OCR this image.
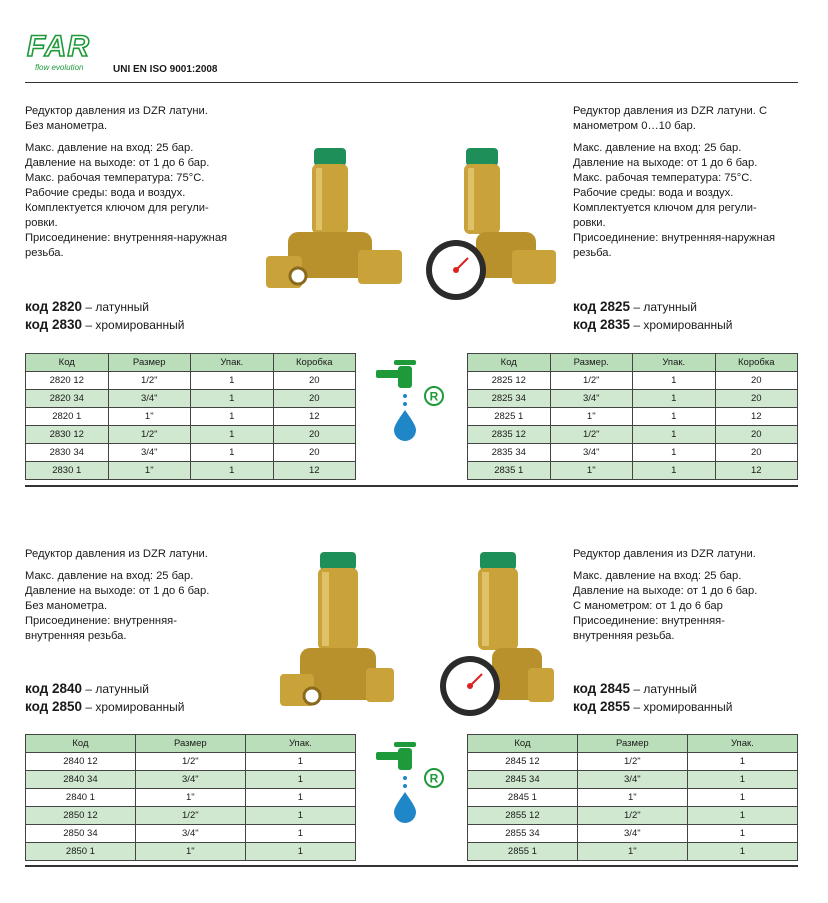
FAR
flow evolution	UNI EN ISO 9001:2008

Редуктор давления из DZR латуни.
Без манометра.

Макс. давление на вход: 25 бар.
Давление на выходе: от 1 до 6 бар.
Макс. рабочая температура: 75°С.
Рабочие среды: вода и воздух.
Комплектуется ключом для регули-
ровки.
Присоединение: внутренняя-наружная
резьба.

код 2820 – латунный
код 2830 – хромированный

Редуктор давления из DZR латуни. С
манометром 0…10 бар.

Макс. давление на вход: 25 бар.
Давление на выходе: от 1 до 6 бар.
Макс. рабочая температура: 75°С.
Рабочие среды: вода и воздух.
Комплектуется ключом для регули-
ровки.
Присоединение: внутренняя-наружная
резьба.

код 2825 – латунный
код 2835 – хромированный
Код	Размер	Упак.	Коробка
2820 12	1/2"	1	20
2820 34	3/4"	1	20
2820 1	1"	1	12
2830 12	1/2"	1	20
2830 34	3/4"	1	20
2830 1	1"	1	12
Код	Размер.	Упак.	Коробка
2825 12	1/2"	1	20
2825 34	3/4"	1	20
2825 1	1"	1	12
2835 12	1/2"	1	20
2835 34	3/4"	1	20
2835 1	1"	1	12
R

Редуктор давления из DZR латуни.

Макс. давление на вход: 25 бар.
Давление на выходе: от 1 до 6 бар.
Без манометра.
Присоединение: внутренняя-
внутренняя резьба.

код 2840 – латунный
код 2850 – хромированный

Редуктор давления из DZR латуни.

Макс. давление на вход: 25 бар.
Давление на выходе: от 1 до 6 бар.
С манометром: от 1 до 6 бар
Присоединение: внутренняя-
внутренняя резьба.

код 2845 – латунный
код 2855 – хромированный
Код	Размер	Упак.
2840 12	1/2"	1
2840 34	3/4"	1
2840 1	1"	1
2850 12	1/2"	1
2850 34	3/4"	1
2850 1	1"	1
Код	Размер	Упак.
2845 12	1/2"	1
2845 34	3/4"	1
2845 1	1"	1
2855 12	1/2"	1
2855 34	3/4"	1
2855 1	1"	1
R
